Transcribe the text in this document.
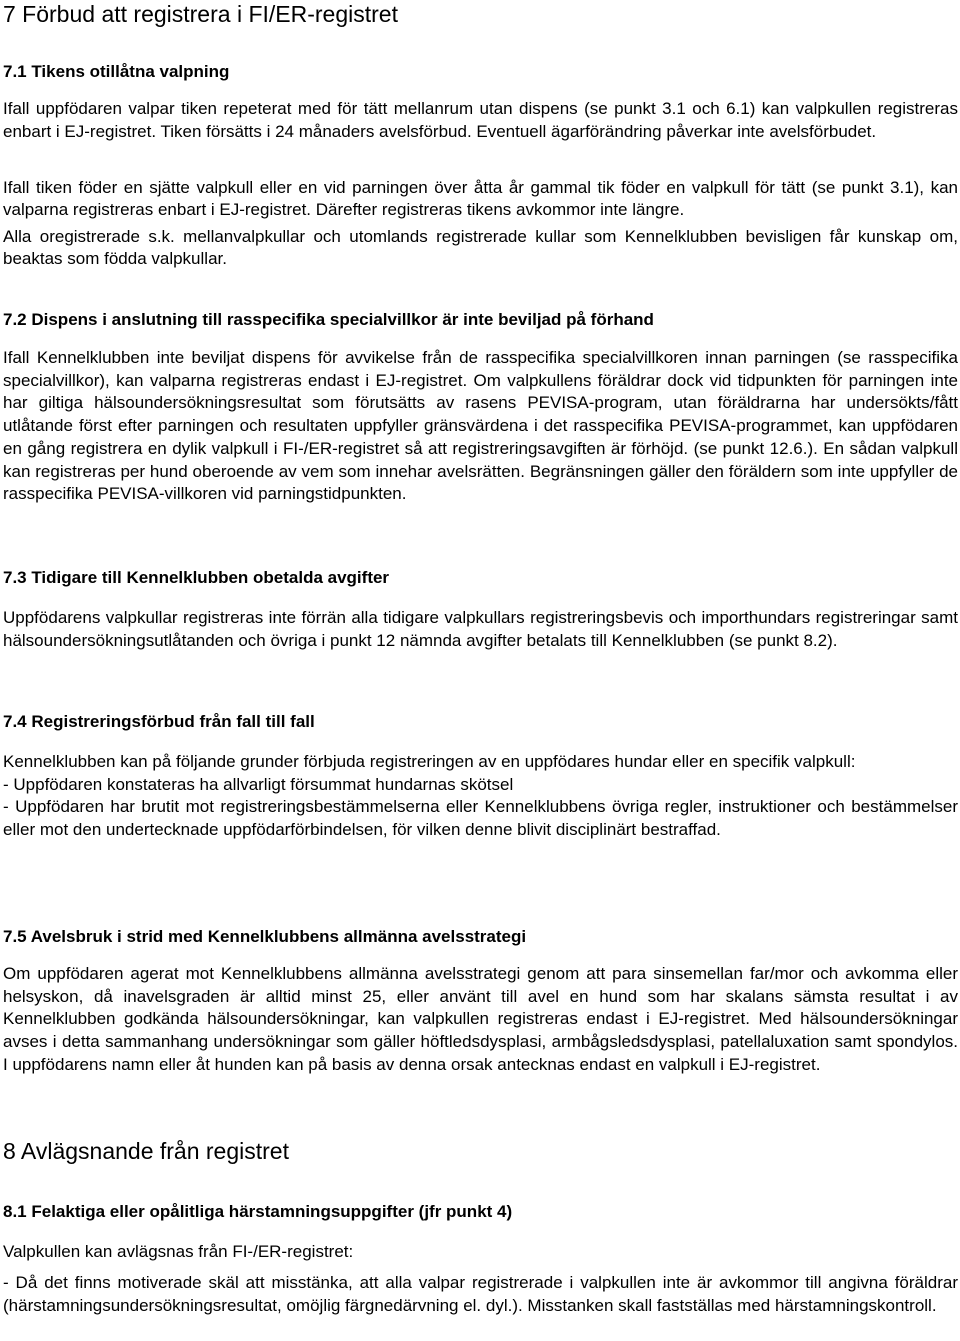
7 Förbud att registrera i FI/ER-registret
7.1 Tikens otillåtna valpning

Ifall uppfödaren valpar tiken repeterat med för tätt mellanrum utan dispens (se punkt 3.1 och 6.1) kan valpkullen registreras enbart i EJ-registret. Tiken försätts i 24 månaders avelsförbud. Eventuell ägarförändring påverkar inte avelsförbudet.

Ifall tiken föder en sjätte valpkull eller en vid parningen över åtta år gammal tik föder en valpkull för tätt (se punkt 3.1), kan valparna registreras enbart i EJ-registret. Därefter registreras tikens avkommor inte längre.

Alla oregistrerade s.k. mellanvalpkullar och utomlands registrerade kullar som Kennelklubben bevisligen får kunskap om, beaktas som födda valpkullar.

7.2 Dispens i anslutning till rasspecifika specialvillkor är inte beviljad på förhand

Ifall Kennelklubben inte beviljat dispens för avvikelse från de rasspecifika specialvillkoren innan parningen (se rasspecifika specialvillkor), kan valparna registreras endast i EJ-registret. Om valpkullens föräldrar dock vid tidpunkten för parningen inte har giltiga hälsoundersökningsresultat som förutsätts av rasens PEVISA-program, utan föräldrarna har undersökts/fått utlåtande först efter parningen och resultaten uppfyller gränsvärdena i det rasspecifika PEVISA-programmet, kan uppfödaren en gång registrera en dylik valpkull i FI-/ER-registret så att registreringsavgiften är förhöjd. (se punkt 12.6.). En sådan valpkull kan registreras per hund oberoende av vem som innehar avelsrätten. Begränsningen gäller den föräldern som inte uppfyller de rasspecifika PEVISA-villkoren vid parningstidpunkten.

7.3 Tidigare till Kennelklubben obetalda avgifter

Uppfödarens valpkullar registreras inte förrän alla tidigare valpkullars registreringsbevis och importhundars registreringar samt hälsoundersökningsutlåtanden och övriga i punkt 12 nämnda avgifter betalats till Kennelklubben (se punkt 8.2).

7.4 Registreringsförbud från fall till fall

Kennelklubben kan på följande grunder förbjuda registreringen av en uppfödares hundar eller en specifik valpkull:

- Uppfödaren konstateras ha allvarligt försummat hundarnas skötsel

- Uppfödaren har brutit mot registreringsbestämmelserna eller Kennelklubbens övriga regler, instruktioner och bestämmelser eller mot den undertecknade uppfödarförbindelsen, för vilken denne blivit disciplinärt bestraffad.

7.5 Avelsbruk i strid med Kennelklubbens allmänna avelsstrategi

Om uppfödaren agerat mot Kennelklubbens allmänna avelsstrategi genom att para sinsemellan far/mor och avkomma eller helsyskon, då inavelsgraden är alltid minst 25, eller använt till avel en hund som har skalans sämsta resultat i av Kennelklubben godkända hälsoundersökningar, kan valpkullen registreras endast i EJ-registret. Med hälsoundersökningar avses i detta sammanhang undersökningar som gäller höftledsdysplasi, armbågsledsdysplasi, patellaluxation samt spondylos. I uppfödarens namn eller åt hunden kan på basis av denna orsak antecknas endast en valpkull i EJ-registret.

8 Avlägsnande från registret
8.1 Felaktiga eller opålitliga härstamningsuppgifter (jfr punkt 4)

Valpkullen kan avlägsnas från FI-/ER-registret:

- Då det finns motiverade skäl att misstänka, att alla valpar registrerade i valpkullen inte är avkommor till angivna föräldrar (härstamningsundersökningsresultat, omöjlig färgnedärvning el. dyl.). Misstanken skall fastställas med härstamningskontroll.
